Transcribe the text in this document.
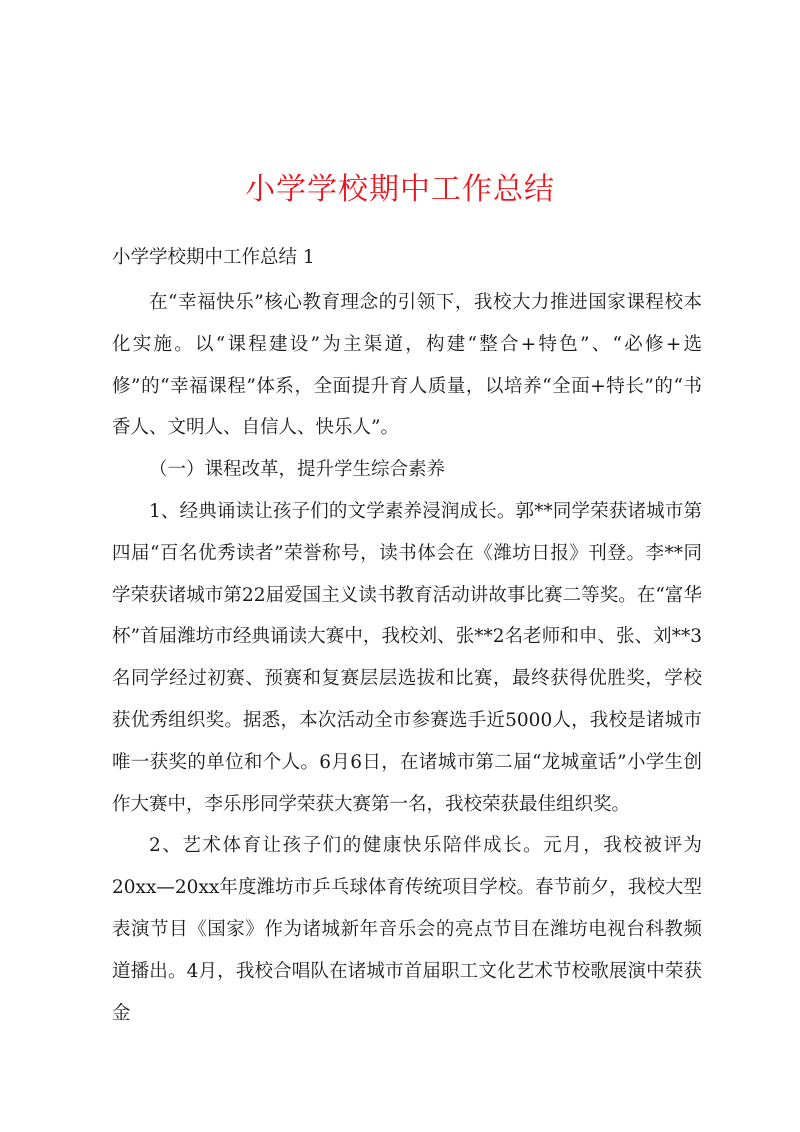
小学学校期中工作总结
小学学校期中工作总结 1

在“幸福快乐”核心教育理念的引领下，我校大力推进国家课程校本化实施。以“课程建设”为主渠道，构建“整合+特色”、“必修+选修”的“幸福课程”体系，全面提升育人质量，以培养“全面+特长”的“书香人、文明人、自信人、快乐人”。

（一）课程改革，提升学生综合素养

1、经典诵读让孩子们的文学素养浸润成长。郭**同学荣获诸城市第四届“百名优秀读者”荣誉称号，读书体会在《潍坊日报》刊登。李**同学荣获诸城市第22届爱国主义读书教育活动讲故事比赛二等奖。在“富华杯”首届潍坊市经典诵读大赛中，我校刘、张**2名老师和申、张、刘**3名同学经过初赛、预赛和复赛层层选拔和比赛，最终获得优胜奖，学校获优秀组织奖。据悉，本次活动全市参赛选手近5000人，我校是诸城市唯一获奖的单位和个人。6月6日，在诸城市第二届“龙城童话”小学生创作大赛中，李乐彤同学荣获大赛第一名，我校荣获最佳组织奖。

2、艺术体育让孩子们的健康快乐陪伴成长。元月，我校被评为20xx—20xx年度潍坊市乒乓球体育传统项目学校。春节前夕，我校大型表演节目《国家》作为诸城新年音乐会的亮点节目在潍坊电视台科教频道播出。4月，我校合唱队在诸城市首届职工文化艺术节校歌展演中荣获金
